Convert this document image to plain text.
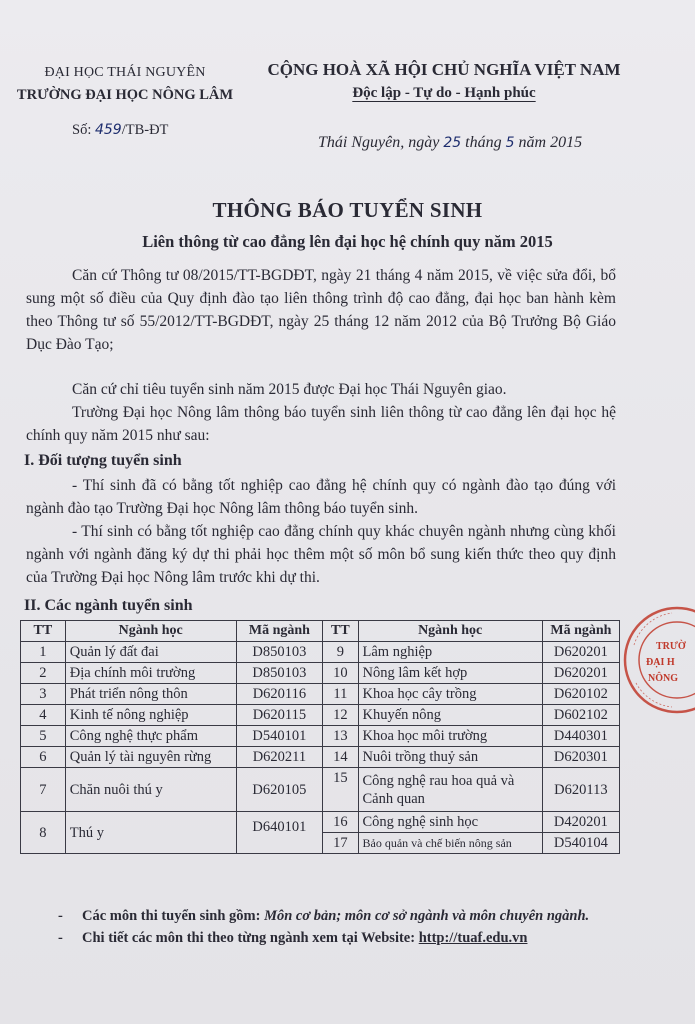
ĐẠI HỌC THÁI NGUYÊN
TRƯỜNG ĐẠI HỌC NÔNG LÂM
CỘNG HOÀ XÃ HỘI CHỦ NGHĨA VIỆT NAM
Độc lập - Tự do - Hạnh phúc
Số: 459/TB-ĐT
Thái Nguyên, ngày 25 tháng 5 năm 2015
THÔNG BÁO TUYỂN SINH
Liên thông từ cao đẳng lên đại học hệ chính quy năm 2015

Căn cứ Thông tư 08/2015/TT-BGDĐT, ngày 21 tháng 4 năm 2015, về việc sửa đổi, bổ sung một số điều của Quy định đào tạo liên thông trình độ cao đẳng, đại học ban hành kèm theo Thông tư số 55/2012/TT-BGDĐT, ngày 25 tháng 12 năm 2012 của Bộ Trưởng Bộ Giáo Dục Đào Tạo;

Căn cứ chỉ tiêu tuyển sinh năm 2015 được Đại học Thái Nguyên giao.

Trường Đại học Nông lâm thông báo tuyển sinh liên thông từ cao đẳng lên đại học hệ chính quy năm 2015 như sau:

I. Đối tượng tuyển sinh

- Thí sinh đã có bằng tốt nghiệp cao đẳng hệ chính quy có ngành đào tạo đúng với ngành đào tạo Trường Đại học Nông lâm thông báo tuyển sinh.

- Thí sinh có bằng tốt nghiệp cao đẳng chính quy khác chuyên ngành nhưng cùng khối ngành với ngành đăng ký dự thi phải học thêm một số môn bổ sung kiến thức theo quy định của Trường Đại học Nông lâm trước khi dự thi.

II. Các ngành tuyển sinh
TT	Ngành học	Mã ngành	TT	Ngành học	Mã ngành
1	Quản lý đất đai	D850103	9	Lâm nghiệp	D620201
2	Địa chính môi trường	D850103	10	Nông lâm kết hợp	D620201
3	Phát triển nông thôn	D620116	11	Khoa học cây trồng	D620102
4	Kinh tế nông nghiệp	D620115	12	Khuyến nông	D602102
5	Công nghệ thực phẩm	D540101	13	Khoa học môi trường	D440301
6	Quản lý tài nguyên rừng	D620211	14	Nuôi trồng thuỷ sản	D620301
7	Chăn nuôi thú y	D620105	15	Công nghệ rau hoa quả và Cảnh quan	D620113
8	Thú y	D640101	16	Công nghệ sinh học	D420201
			17	Bảo quản và chế biến nông sản	D540104
TRƯỜ
ĐẠI H
NÔNG
- Các môn thi tuyển sinh gồm: Môn cơ bản; môn cơ sở ngành và môn chuyên ngành.
- Chi tiết các môn thi theo từng ngành xem tại Website: http://tuaf.edu.vn
